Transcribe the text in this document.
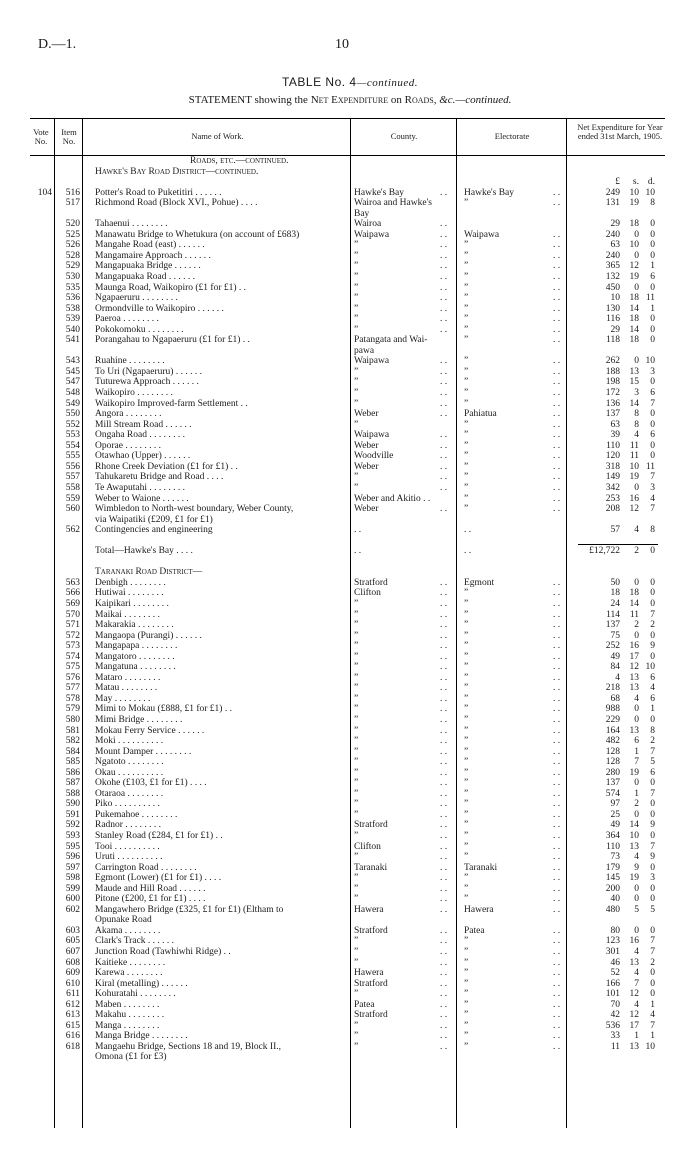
D.—1.	10
TABLE No. 4—continued.
STATEMENT showing the Net Expenditure on Roads, &c.—continued.
Vote No.
Item No.	Name of Work.	County.	Electorate
Net Expenditure for Year ended 31st March, 1905.
Roads, etc.—continued.
Hawke's Bay Road District—continued.
£	s. d.
104	516 Potter's Road to Puketitiri . . . . . .	Hawke's Bay	. . Hawke's Bay	. .	249	10 10
517 Richmond Road (Block XVI., Pohue) . . . .	Wairoa and Hawke's	”	. .	131	19	8
Bay
520 Tahaenui . . . . . . . .	Wairoa	. .	29	18	0
525 Manawatu Bridge to Whetukura (on account of £683)	Waipawa	. . Waipawa	. .	240	0	0
526 Mangahe Road (east) . . . . . .	”	. . ”	. .	63	10	0
528 Mangamaire Approach . . . . . .	”	. . ”	. .	240	0	0
529 Mangapuaka Bridge . . . . . .	”	. . ”	. .	365	12	1
530 Mangapuaka Road . . . . . .	”	. . ”	. .	132	19	6
535 Maunga Road, Waikopiro (£1 for £1) . .	”	. . ”	. .	450	0	0
536 Ngapaeruru . . . . . . . .	”	. . ”	. .	10	18 11
538 Ormondville to Waikopiro . . . . . .	”	. . ”	. .	130	14	1
539 Paeroa . . . . . . . .	”	. . ”	. .	116	18	0
540 Pokokomoku . . . . . . . .	”	. . ”	. .	29	14	0
541 Porangahau to Ngapaeruru (£1 for £1) . .	Patangata and Wai-	”	. .	118	18	0
pawa
543 Ruahine . . . . . . . .	Waipawa	. . ”	. .	262	0 10
545 To Uri (Ngapaeruru) . . . . . .	”	. . ”	. .	188	13	3
547 Tuturewa Approach . . . . . .	”	. . ”	. .	198	15	0
548 Waikopiro . . . . . . . .	”	. . ”	. .	172	3	6
549 Waikopiro Improved-farm Settlement . .	”	. . ”	. .	136	14	7
550 Angora . . . . . . . .	Weber	. . Pahiatua	. .	137	8	0
552 Mill Stream Road . . . . . .	”	”	. .	63	8	0
553 Ongaha Road . . . . . . . .	Waipawa	. . ”	. .	39	4	6
554 Oporae . . . . . . . .	Weber	. . ”	. .	110	11	0
555 Otawhao (Upper) . . . . . .	Woodville	. . ”	. .	120	11	0
556 Rhone Creek Deviation (£1 for £1) . .	Weber	. . ”	. .	318	10 11
557 Tahukaretu Bridge and Road . . . .	”	. . ”	. .	149	19	7
558 Te Awaputahi . . . . . . . .	”	. . ”	. .	342	0	3
559 Weber to Waione . . . . . .	Weber and Akitio . .	”	. .	253	16	4
560 Wimbledon to North-west boundary, Weber County,	Weber	. . ”	. .	208	12	7
via Waipatiki (£209, £1 for £1)
562 Contingencies and engineering	. .	. .	57	4	8
Total—Hawke's Bay . . . .	. .	. .	£12,722	2	0
Taranaki Road District—
563 Denbigh . . . . . . . .	Stratford	. . Egmont	. .	50	0	0
566 Hutiwai . . . . . . . .	Clifton	. . ”	. .	18	18	0
569 Kaipikari . . . . . . . .	”	. . ”	. .	24	14	0
570 Maikai . . . . . . . .	”	. . ”	. .	114	11	7
571 Makarakia . . . . . . . .	”	. . ”	. .	137	2	2
572 Mangaopa (Purangi) . . . . . .	”	. . ”	. .	75	0	0
573 Mangapapa . . . . . . . .	”	. . ”	. .	252	16	9
574 Mangatoro . . . . . . . .	”	. . ”	. .	49	17	0
575 Mangatuna . . . . . . . .	”	. . ”	. .	84	12 10
576 Mataro . . . . . . . .	”	. . ”	. .	4	13	6
577 Matau . . . . . . . .	”	. . ”	. .	218	13	4
578 May . . . . . . . .	”	. . ”	. .	68	4	6
579 Mimi to Mokau (£888, £1 for £1) . .	”	. . ”	. .	988	0	1
580 Mimi Bridge . . . . . . . .	”	. . ”	. .	229	0	0
581 Mokau Ferry Service . . . . . .	”	. . ”	. .	164	13	8
582 Moki . . . . . . . . . .	”	. . ”	. .	482	6	2
584 Mount Damper . . . . . . . .	”	. . ”	. .	128	1	7
585 Ngatoto . . . . . . . .	”	. . ”	. .	128	7	5
586 Okau . . . . . . . . . .	”	. . ”	. .	280	19	6
587 Okohe (£103, £1 for £1) . . . .	”	. . ”	. .	137	0	0
588 Otaraoa . . . . . . . .	”	. . ”	. .	574	1	7
590 Piko . . . . . . . . . .	”	. . ”	. .	97	2	0
591 Pukemahoe . . . . . . . .	”	. . ”	. .	25	0	0
592 Radnor . . . . . . . .	Stratford	. . ”	. .	49	14	9
593 Stanley Road (£284, £1 for £1) . .	”	. . ”	. .	364	10	0
595 Tooi . . . . . . . . . .	Clifton	. . ”	. .	110	13	7
596 Uruti . . . . . . . . . .	”	. . ”	. .	73	4	9
597 Carrington Road . . . . . . . .	Taranaki	. . Taranaki	. .	179	9	0
598 Egmont (Lower) (£1 for £1) . . . .	”	. . ”	. .	145	19	3
599 Maude and Hill Road . . . . . .	”	. . ”	. .	200	0	0
600 Pitone (£200, £1 for £1) . . . .	”	. . ”	. .	40	0	0
602 Mangawhero Bridge (£325, £1 for £1) (Eltham to	Hawera	. . Hawera	. .	480	5	5
Opunake Road
603 Akama . . . . . . . .	Stratford	. . Patea	. .	80	0	0
605 Clark's Track . . . . . .	”	. . ”	. .	123	16	7
607 Junction Road (Tawhiwhi Ridge) . .	”	. . ”	. .	301	4	7
608 Kaitieke . . . . . . . .	”	. . ”	. .	46	13	2
609 Karewa . . . . . . . .	Hawera	. . ”	. .	52	4	0
610 Kiral (metalling) . . . . . .	Stratford	. . ”	. .	166	7	0
611 Kohuratahi . . . . . . . .	”	. . ”	. .	101	12	0
612 Maben . . . . . . . .	Patea	. . ”	. .	70	4	1
613 Makahu . . . . . . . .	Stratford	. . ”	. .	42	12	4
615 Manga . . . . . . . .	”	. . ”	. .	536	17	7
616 Manga Bridge . . . . . . . .	”	. . ”	. .	33	1	1
618 Mangaehu Bridge, Sections 18 and 19, Block II.,	”	. . ”	. .	11	13 10
Omona (£1 for £3)
